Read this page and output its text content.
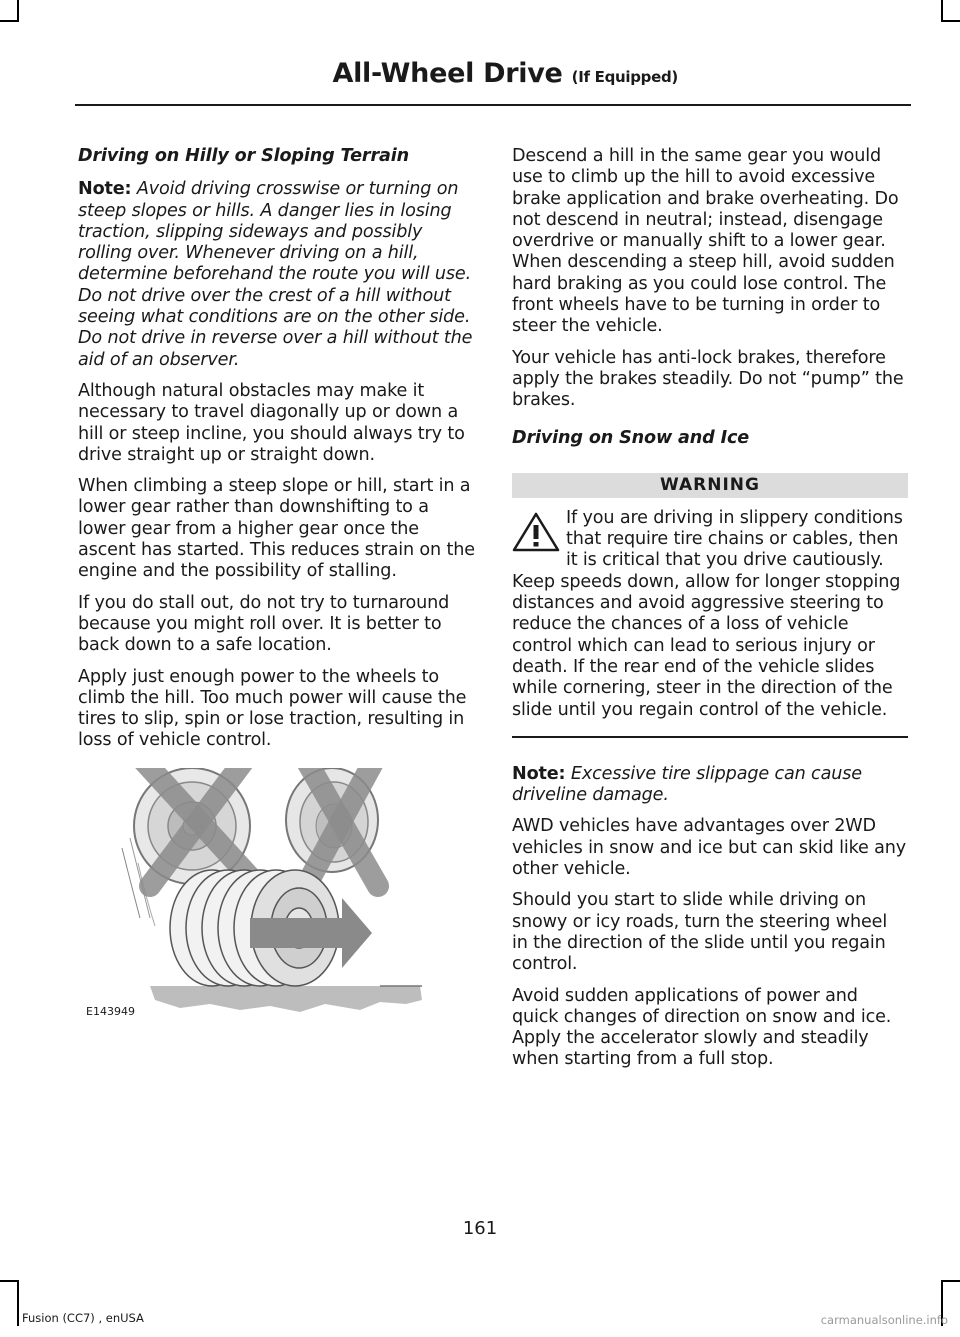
All-Wheel Drive (If Equipped)

Driving on Hilly or Sloping Terrain

Note: Avoid driving crosswise or turning on steep slopes or hills. A danger lies in losing traction, slipping sideways and possibly rolling over. Whenever driving on a hill, determine beforehand the route you will use. Do not drive over the crest of a hill without seeing what conditions are on the other side. Do not drive in reverse over a hill without the aid of an observer.

Although natural obstacles may make it necessary to travel diagonally up or down a hill or steep incline, you should always try to drive straight up or straight down.

When climbing a steep slope or hill, start in a lower gear rather than downshifting to a lower gear from a higher gear once the ascent has started. This reduces strain on the engine and the possibility of stalling.

If you do stall out, do not try to turnaround because you might roll over. It is better to back down to a safe location.

Apply just enough power to the wheels to climb the hill. Too much power will cause the tires to slip, spin or lose traction, resulting in loss of vehicle control.

E143949

Descend a hill in the same gear you would use to climb up the hill to avoid excessive brake application and brake overheating. Do not descend in neutral; instead, disengage overdrive or manually shift to a lower gear. When descending a steep hill, avoid sudden hard braking as you could lose control. The front wheels have to be turning in order to steer the vehicle.

Your vehicle has anti-lock brakes, therefore apply the brakes steadily. Do not “pump” the brakes.

Driving on Snow and Ice

WARNING

If you are driving in slippery conditions that require tire chains or cables, then it is critical that you drive cautiously. Keep speeds down, allow for longer stopping distances and avoid aggressive steering to reduce the chances of a loss of vehicle control which can lead to serious injury or death. If the rear end of the vehicle slides while cornering, steer in the direction of the slide until you regain control of the vehicle.

Note: Excessive tire slippage can cause driveline damage.

AWD vehicles have advantages over 2WD vehicles in snow and ice but can skid like any other vehicle.

Should you start to slide while driving on snowy or icy roads, turn the steering wheel in the direction of the slide until you regain control.

Avoid sudden applications of power and quick changes of direction on snow and ice. Apply the accelerator slowly and steadily when starting from a full stop.

161
Fusion (CC7) , enUSA	carmanualsonline.info
